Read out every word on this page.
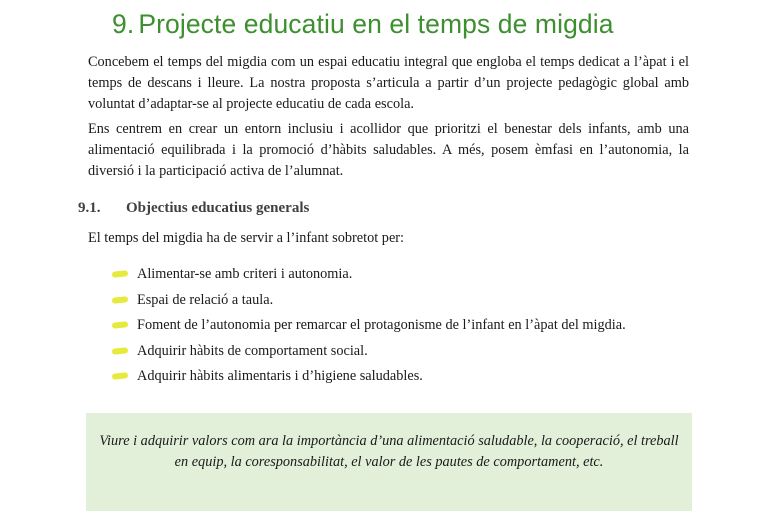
9. Projecte educatiu en el temps de migdia

Concebem el temps del migdia com un espai educatiu integral que engloba el temps dedicat a l’àpat i el temps de descans i lleure. La nostra proposta s’articula a partir d’un projecte pedagògic global amb voluntat d’adaptar-se al projecte educatiu de cada escola.

Ens centrem en crear un entorn inclusiu i acollidor que prioritzi el benestar dels infants, amb una alimentació equilibrada i la promoció d’hàbits saludables. A més, posem èmfasi en l’autonomia, la diversió i la participació activa de l’alumnat.

9.1. Objectius educatius generals

El temps del migdia ha de servir a l’infant sobretot per:

Alimentar-se amb criteri i autonomia.
Espai de relació a taula.
Foment de l’autonomia per remarcar el protagonisme de l’infant en l’àpat del migdia.
Adquirir hàbits de comportament social.
Adquirir hàbits alimentaris i d’higiene saludables.

Viure i adquirir valors com ara la importància d’una alimentació saludable, la cooperació, el treball en equip, la coresponsabilitat, el valor de les pautes de comportament, etc.
